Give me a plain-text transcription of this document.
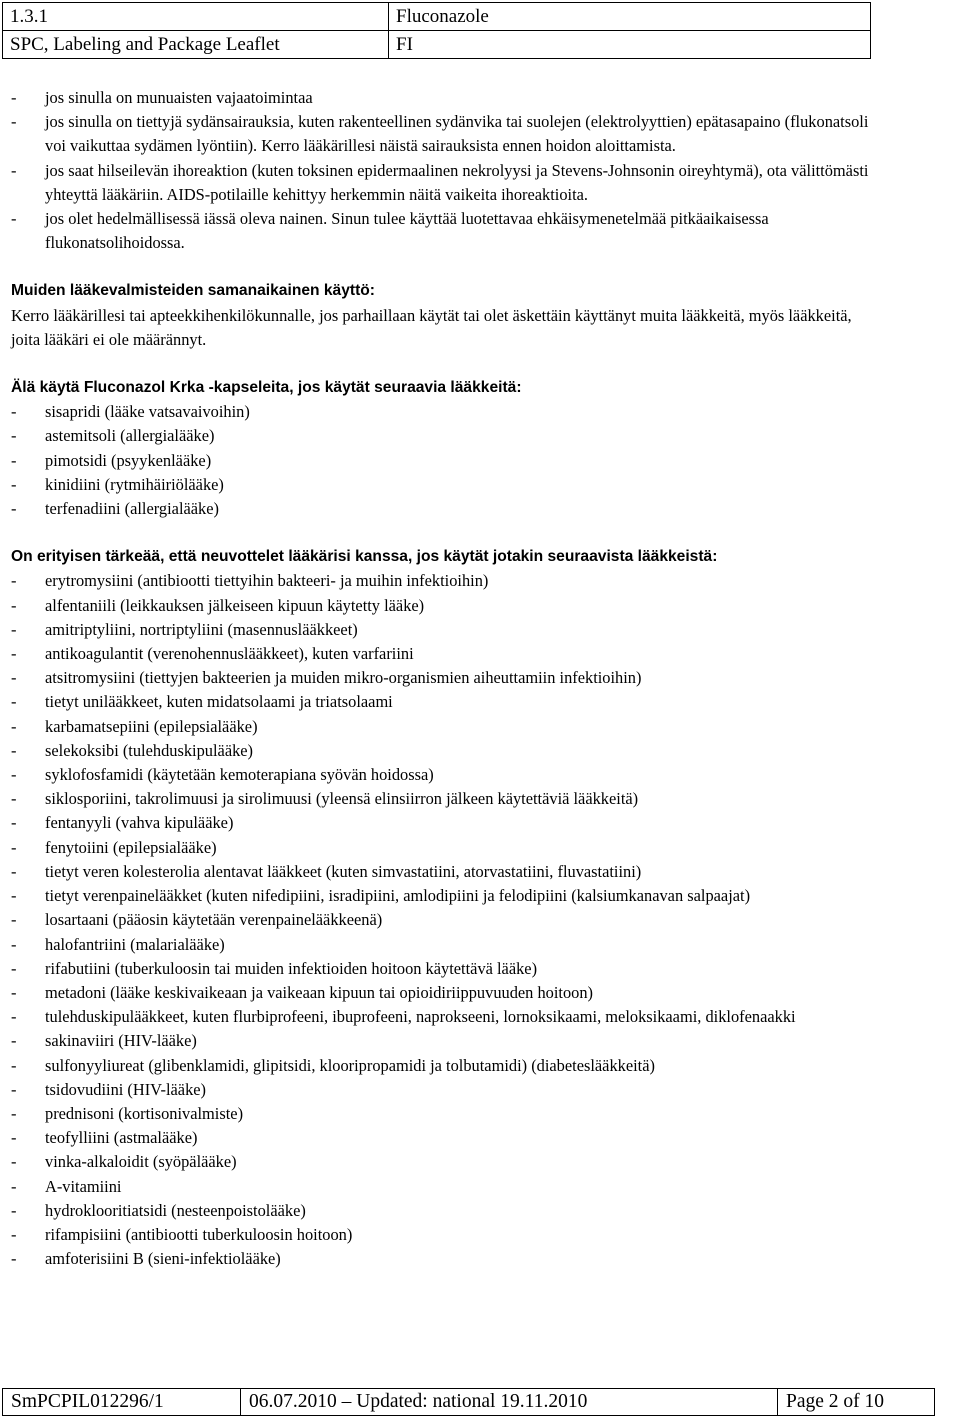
1.3.1	Fluconazole
SPC, Labeling and Package Leaflet	FI
- jos sinulla on munuaisten vajaatoimintaa
- jos sinulla on tiettyjä sydänsairauksia, kuten rakenteellinen sydänvika tai suolejen (elektrolyyttien) epätasapaino (flukonatsoli voi vaikuttaa sydämen lyöntiin). Kerro lääkärillesi näistä sairauksista ennen hoidon aloittamista.
- jos saat hilseilevän ihoreaktion (kuten toksinen epidermaalinen nekrolyysi ja Stevens-Johnsonin oireyhtymä), ota välittömästi yhteyttä lääkäriin. AIDS-potilaille kehittyy herkemmin näitä vaikeita ihoreaktioita.
- jos olet hedelmällisessä iässä oleva nainen. Sinun tulee käyttää luotettavaa ehkäisymenetelmää pitkäaikaisessa flukonatsolihoidossa.
Muiden lääkevalmisteiden samanaikainen käyttö:

Kerro lääkärillesi tai apteekkihenkilökunnalle, jos parhaillaan käytät tai olet äskettäin käyttänyt muita lääkkeitä, myös lääkkeitä, joita lääkäri ei ole määrännyt.

Älä käytä Fluconazol Krka -kapseleita, jos käytät seuraavia lääkkeitä:
- sisapridi (lääke vatsavaivoihin)
- astemitsoli (allergialääke)
- pimotsidi (psyykenlääke)
- kinidiini (rytmihäiriölääke)
- terfenadiini (allergialääke)
On erityisen tärkeää, että neuvottelet lääkärisi kanssa, jos käytät jotakin seuraavista lääkkeistä:
- erytromysiini (antibiootti tiettyihin bakteeri- ja muihin infektioihin)
- alfentaniili (leikkauksen jälkeiseen kipuun käytetty lääke)
- amitriptyliini, nortriptyliini (masennuslääkkeet)
- antikoagulantit (verenohennuslääkkeet), kuten varfariini
- atsitromysiini (tiettyjen bakteerien ja muiden mikro-organismien aiheuttamiin infektioihin)
- tietyt unilääkkeet, kuten midatsolaami ja triatsolaami
- karbamatsepiini (epilepsialääke)
- selekoksibi (tulehduskipulääke)
- syklofosfamidi (käytetään kemoterapiana syövän hoidossa)
- siklosporiini, takrolimuusi ja sirolimuusi (yleensä elinsiirron jälkeen käytettäviä lääkkeitä)
- fentanyyli (vahva kipulääke)
- fenytoiini (epilepsialääke)
- tietyt veren kolesterolia alentavat lääkkeet (kuten simvastatiini, atorvastatiini, fluvastatiini)
- tietyt verenpainelääkket (kuten nifedipiini, isradipiini, amlodipiini ja felodipiini (kalsiumkanavan salpaajat)
- losartaani (pääosin käytetään verenpainelääkkeenä)
- halofantriini (malarialääke)
- rifabutiini (tuberkuloosin tai muiden infektioiden hoitoon käytettävä lääke)
- metadoni (lääke keskivaikeaan ja vaikeaan kipuun tai opioidiriippuvuuden hoitoon)
- tulehduskipulääkkeet, kuten flurbiprofeeni, ibuprofeeni, naprokseeni, lornoksikaami, meloksikaami, diklofenaakki
- sakinaviiri (HIV-lääke)
- sulfonyyliureat (glibenklamidi, glipitsidi, klooripropamidi ja tolbutamidi) (diabeteslääkkeitä)
- tsidovudiini (HIV-lääke)
- prednisoni (kortisonivalmiste)
- teofylliini (astmalääke)
- vinka-alkaloidit (syöpälääke)
- A-vitamiini
- hydroklooritiatsidi (nesteenpoistolääke)
- rifampisiini (antibiootti tuberkuloosin hoitoon)
- amfoterisiini B (sieni-infektiolääke)
SmPCPIL012296/1	06.07.2010 – Updated: national 19.11.2010	Page 2 of 10
